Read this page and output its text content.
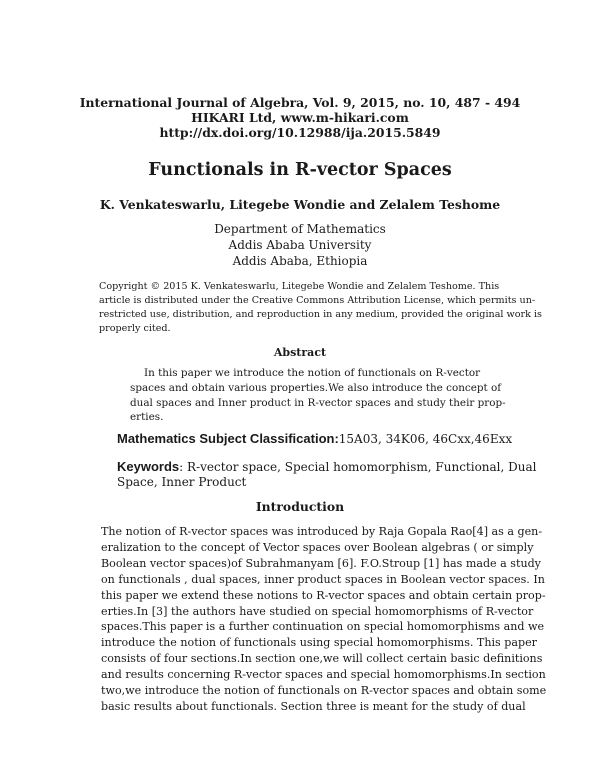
International Journal of Algebra, Vol. 9, 2015, no. 10, 487 - 494
HIKARI Ltd, www.m-hikari.com
http://dx.doi.org/10.12988/ija.2015.5849
Functionals in R-vector Spaces
K. Venkateswarlu, Litegebe Wondie and Zelalem Teshome
Department of Mathematics
Addis Ababa University
Addis Ababa, Ethiopia
Copyright © 2015 K. Venkateswarlu, Litegebe Wondie and Zelalem Teshome. This
article is distributed under the Creative Commons Attribution License, which permits un-
restricted use, distribution, and reproduction in any medium, provided the original work is
properly cited.
Abstract
In this paper we introduce the notion of functionals on R-vector
spaces and obtain various properties.We also introduce the concept of
dual spaces and Inner product in R-vector spaces and study their prop-
erties.
Mathematics Subject Classification:15A03, 34K06, 46Cxx,46Exx
Keywords: R-vector space, Special homomorphism, Functional, Dual
Space, Inner Product
Introduction
The notion of R-vector spaces was introduced by Raja Gopala Rao[4] as a gen-
eralization to the concept of Vector spaces over Boolean algebras ( or simply
Boolean vector spaces)of Subrahmanyam [6]. F.O.Stroup [1] has made a study
on functionals , dual spaces, inner product spaces in Boolean vector spaces. In
this paper we extend these notions to R-vector spaces and obtain certain prop-
erties.In [3] the authors have studied on special homomorphisms of R-vector
spaces.This paper is a further continuation on special homomorphisms and we
introduce the notion of functionals using special homomorphisms. This paper
consists of four sections.In section one,we will collect certain basic definitions
and results concerning R-vector spaces and special homomorphisms.In section
two,we introduce the notion of functionals on R-vector spaces and obtain some
basic results about functionals. Section three is meant for the study of dual
